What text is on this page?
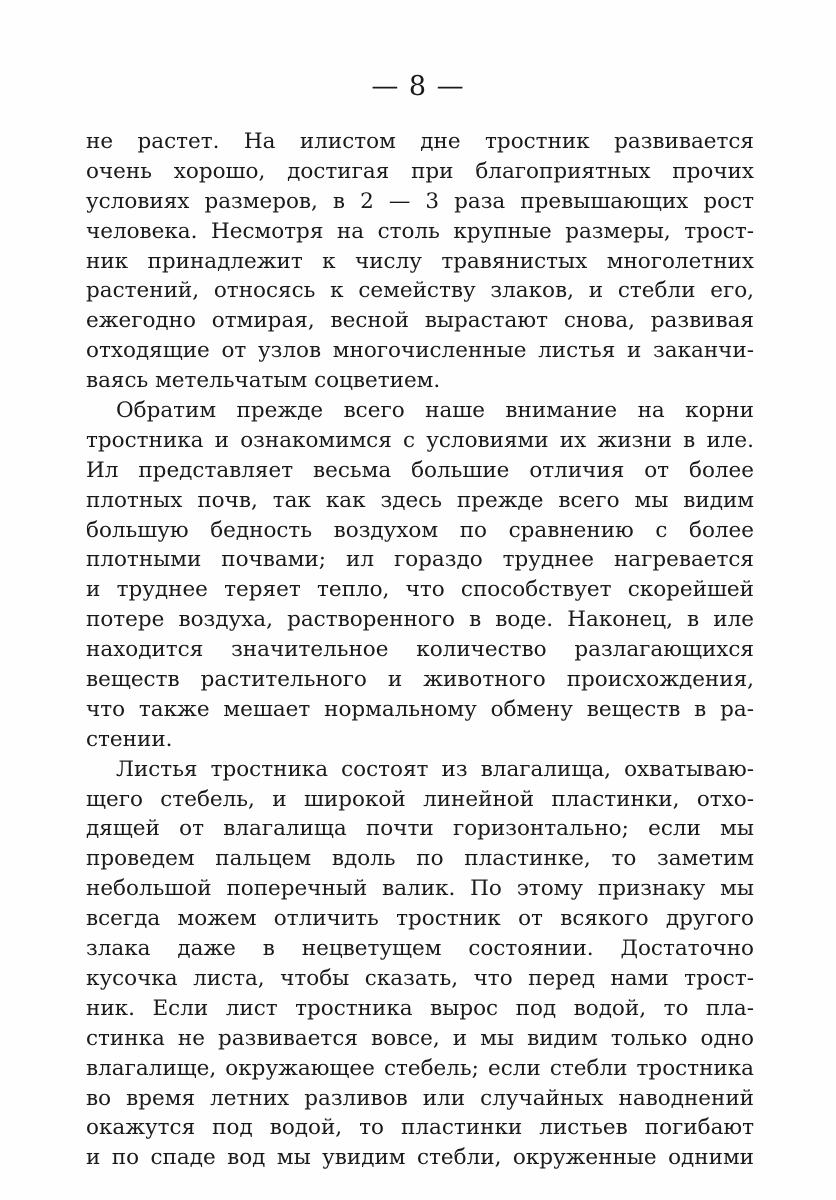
— 8 —
не растет. На илистом дне тростник развивается
очень хорошо, достигая при благоприятных прочих
условиях размеров, в 2 — 3 раза превышающих рост
человека. Несмотря на столь крупные размеры, трост-
ник принадлежит к числу травянистых многолетних
растений, относясь к семейству злаков, и стебли его,
ежегодно отмирая, весной вырастают снова, развивая
отходящие от узлов многочисленные листья и заканчи-
ваясь метельчатым соцветием.
Обратим прежде всего наше внимание на корни
тростника и ознакомимся с условиями их жизни в иле.
Ил представляет весьма большие отличия от более
плотных почв, так как здесь прежде всего мы видим
большую бедность воздухом по сравнению с более
плотными почвами; ил гораздо труднее нагревается
и труднее теряет тепло, что способствует скорейшей
потере воздуха, растворенного в воде. Наконец, в иле
находится значительное количество разлагающихся
веществ растительного и животного происхождения,
что также мешает нормальному обмену веществ в ра-
стении.
Листья тростника состоят из влагалища, охватываю-
щего стебель, и широкой линейной пластинки, отхо-
дящей от влагалища почти горизонтально; если мы
проведем пальцем вдоль по пластинке, то заметим
небольшой поперечный валик. По этому признаку мы
всегда можем отличить тростник от всякого другого
злака даже в нецветущем состоянии. Достаточно
кусочка листа, чтобы сказать, что перед нами трост-
ник. Если лист тростника вырос под водой, то пла-
стинка не развивается вовсе, и мы видим только одно
влагалище, окружающее стебель; если стебли тростника
во время летних разливов или случайных наводнений
окажутся под водой, то пластинки листьев погибают
и по спаде вод мы увидим стебли, окруженные одними
